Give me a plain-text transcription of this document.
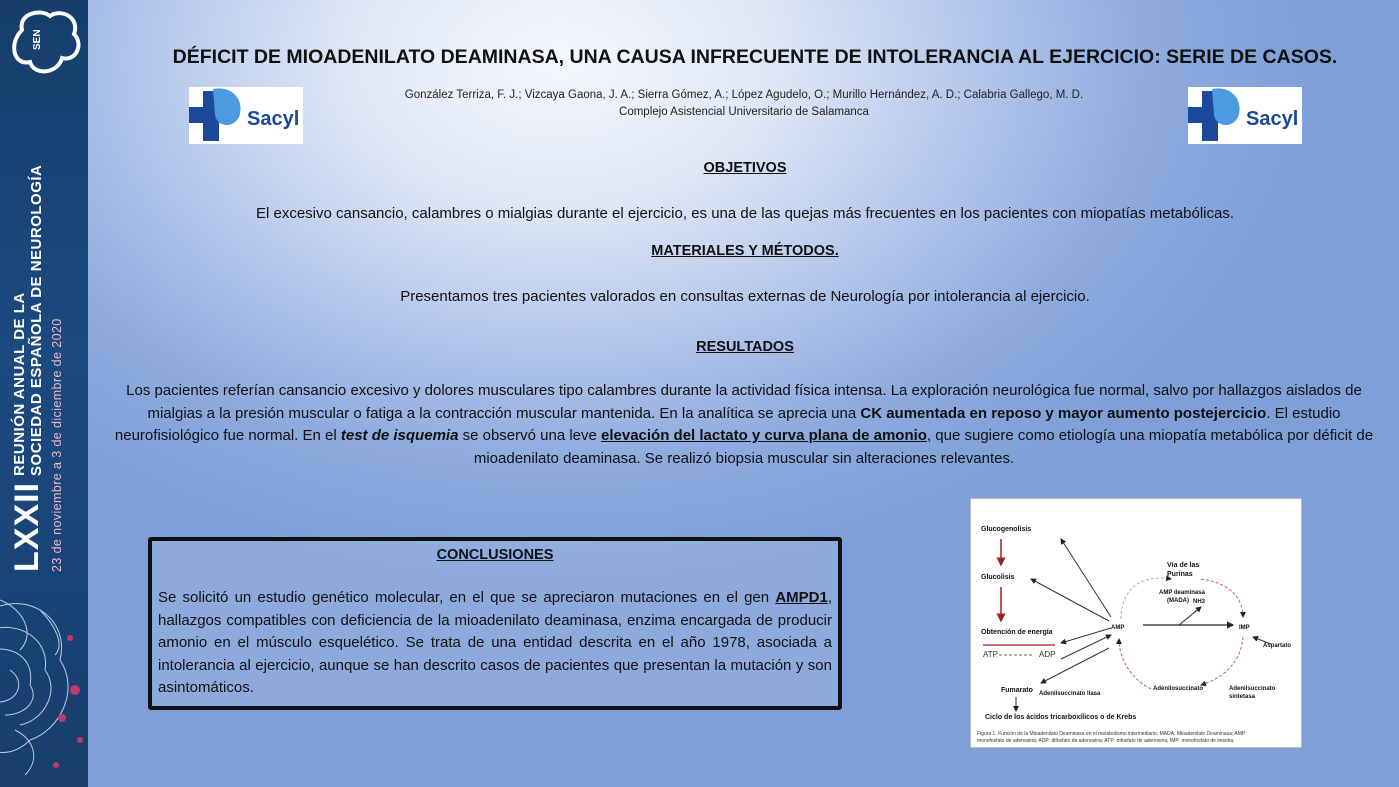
SEN
LXXII
REUNIÓN ANUAL DE LA SOCIEDAD ESPAÑOLA DE NEUROLOGÍA 23 de noviembre a 3 de diciembre de 2020
DÉFICIT DE MIOADENILATO DEAMINASA, UNA CAUSA INFRECUENTE DE INTOLERANCIA AL EJERCICIO: SERIE DE CASOS.
Sacyl	Sacyl
González Terriza, F. J.; Vizcaya Gaona, J. A.; Sierra Gómez, A.; López Agudelo, O.; Murillo Hernández, A. D.; Calabria Gallego, M. D.
Complejo Asistencial Universitario de Salamanca
OBJETIVOS
El excesivo cansancio, calambres o mialgias durante el ejercicio, es una de las quejas más frecuentes en los pacientes con miopatías metabólicas.
MATERIALES Y MÉTODOS.
Presentamos tres pacientes valorados en consultas externas de Neurología por intolerancia al ejercicio.
RESULTADOS
Los pacientes referían cansancio excesivo y dolores musculares tipo calambres durante la actividad física intensa. La exploración neurológica fue normal, salvo por hallazgos aislados de mialgias a la presión muscular o fatiga a la contracción muscular mantenida. En la analítica se aprecia una CK aumentada en reposo y mayor aumento postejercicio. El estudio neurofisiológico fue normal. En el test de isquemia se observó una leve elevación del lactato y curva plana de amonio, que sugiere como etiología una miopatía metabólica por déficit de mioadenilato deaminasa. Se realizó biopsia muscular sin alteraciones relevantes.
CONCLUSIONES

Se solicitó un estudio genético molecular, en el que se apreciaron mutaciones en el gen AMPD1, hallazgos compatibles con deficiencia de la mioadenilato deaminasa, enzima encargada de producir amonio en el músculo esquelético. Se trata de una entidad descrita en el año 1978, asociada a intolerancia al ejercicio, aunque se han descrito casos de pacientes que presentan la mutación y son asintomáticos.

Glucogenolisis
Glucolisis
Obtención de energía
Fumarato
Ciclo de los ácidos tricarboxílicos o de Krebs
Vía de las
Purinas
AMP deaminasa
(MADA) NH3
AMP	IMP
Aspartato
Adenilsuccinato liasa
Adenilosuccinato	Adenilsuccinato
sintetasa
ATP	ADP
Figura 1. Función de la Mioadenilato Deaminasa en el metabolismo intermediario. MADA: Mioadenilato Deaminasa; AMP:
monofosfato de adenosina; ADP: difosfato de adenosina; ATP: trifosfato de adenosina; IMP: monofosfato de inosina.
